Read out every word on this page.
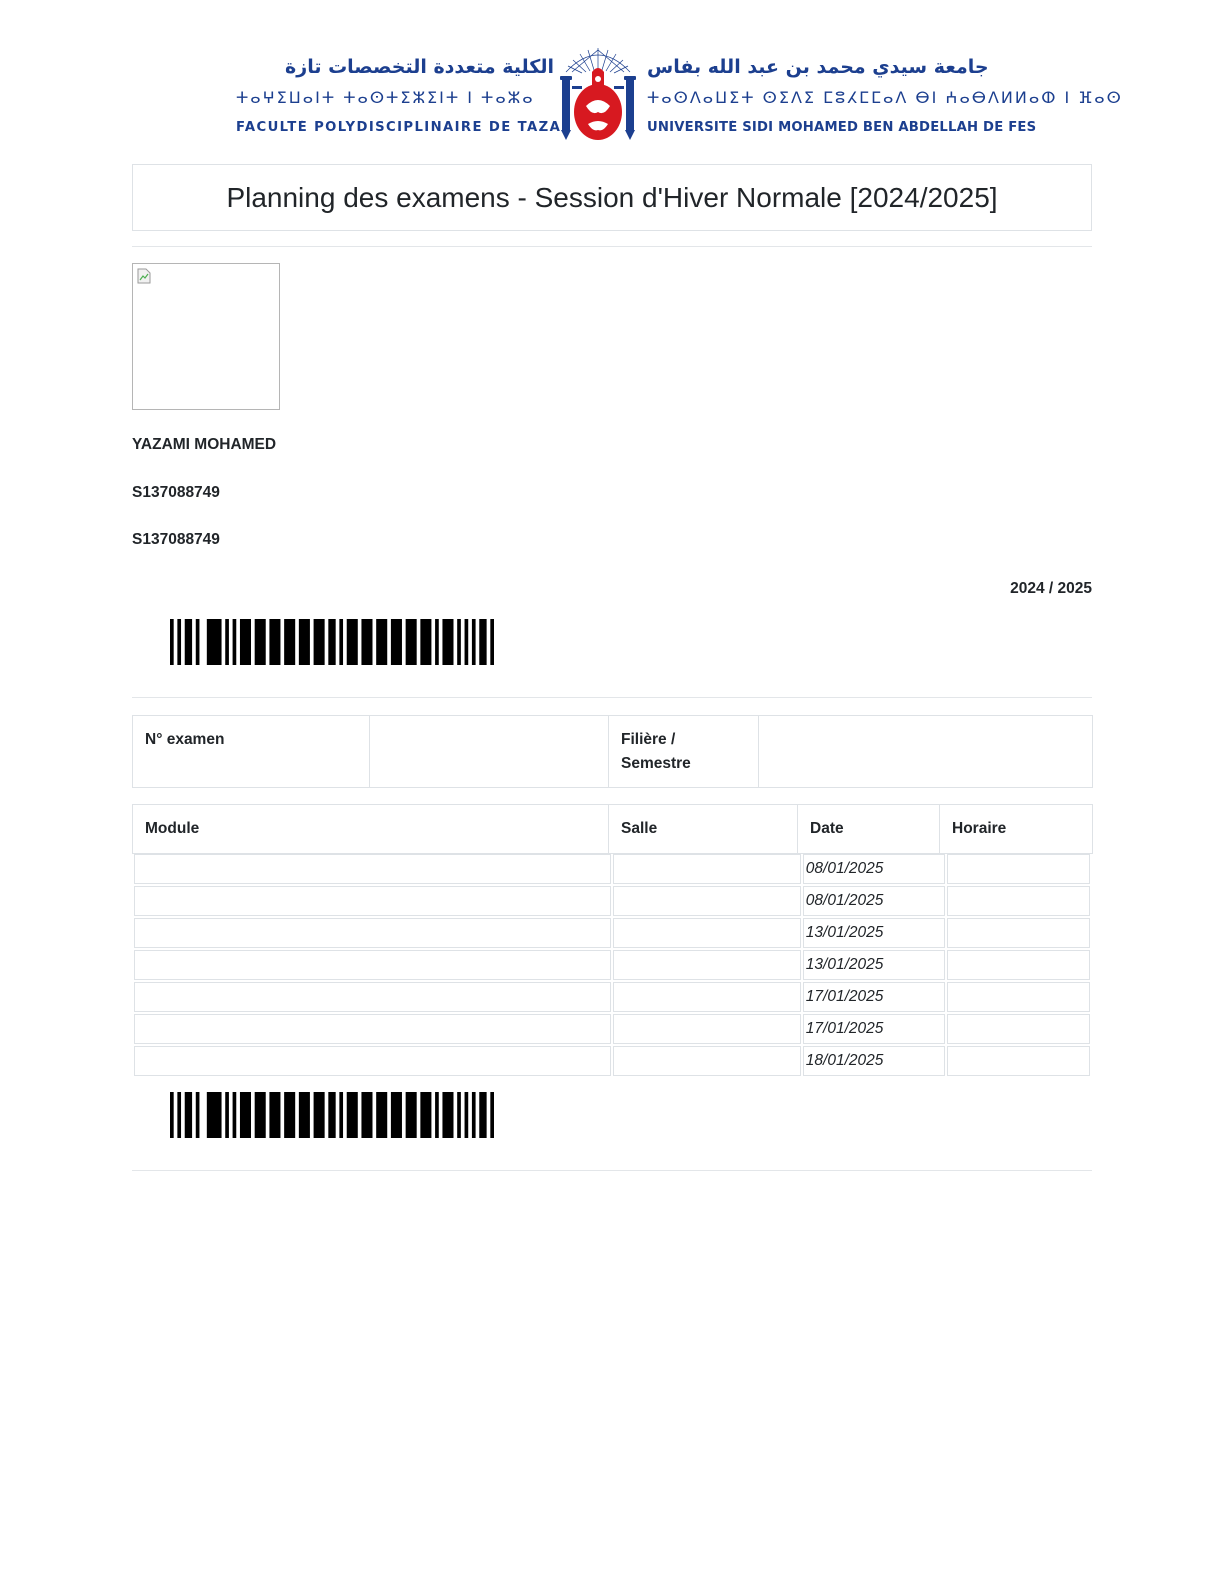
الكلية متعددة التخصصات تازة
ⵜⴰⵖⵉⵡⴰⵏⵜ ⵜⴰⵙⵜⵉⵣⵉⵏⵜ ⵏ ⵜⴰⵣⴰ
FACULTÉ POLYDISCIPLINAIRE DE TAZA
جامعة سيدي محمد بن عبد الله بفاس
ⵜⴰⵙⴷⴰⵡⵉⵜ ⵙⵉⴷⵉ ⵎⵓⵃⵎⵎⴰⴷ ⴱⵏ ⵄⴰⴱⴷⵍⵍⴰⵀ ⵏ ⴼⴰⵙ
UNIVERSITÉ SIDI MOHAMED BEN ABDELLAH DE FES
Planning des examens - Session d'Hiver Normale [2024/2025]
YAZAMI MOHAMED
S137088749
S137088749
2024 / 2025
N° examen		Filière /
Semestre	
Module	Salle	Date	Horaire
		08/01/2025	
		08/01/2025	
		13/01/2025	
		13/01/2025	
		17/01/2025	
		17/01/2025	
		18/01/2025	
